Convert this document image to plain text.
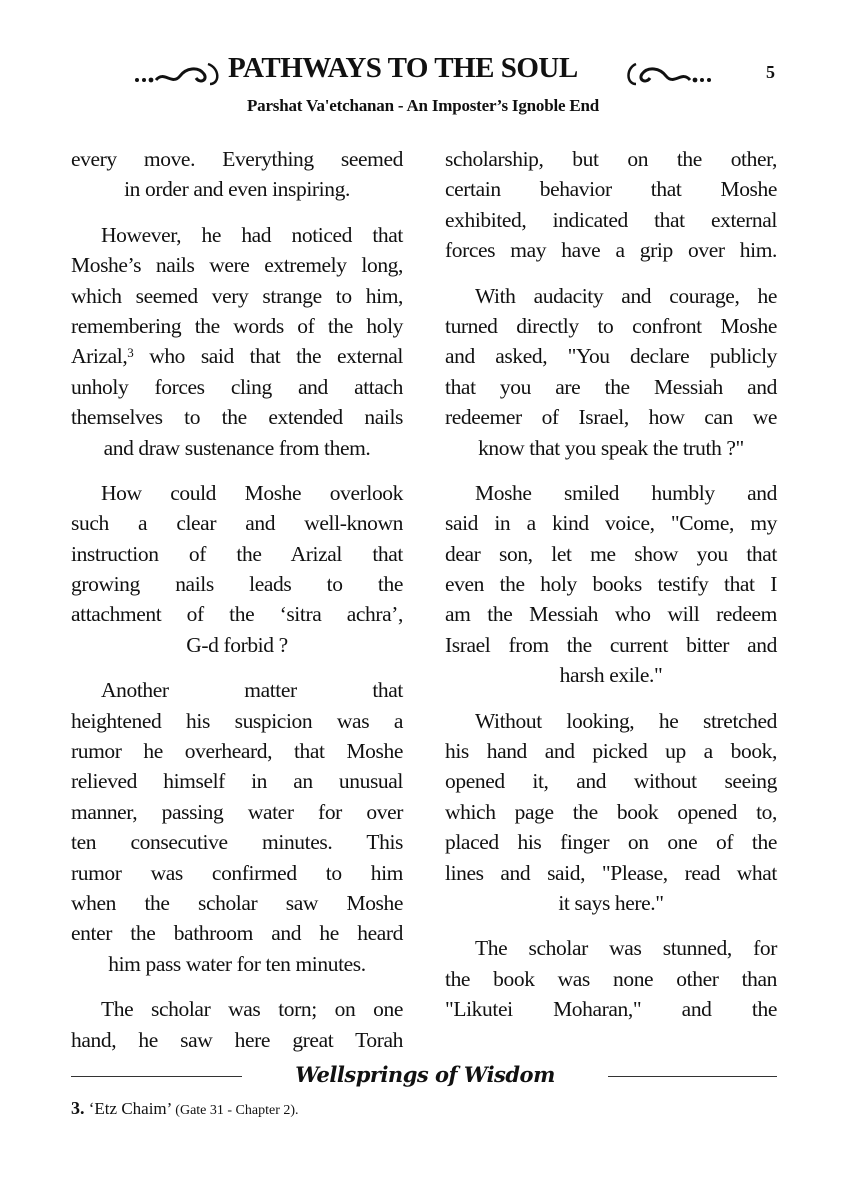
PATHWAYS TO THE SOUL	5
Parshat Va'etchanan - An Imposter’s Ignoble End
every move. Everything seemed
in order and even inspiring.
However, he had noticed that
Moshe’s nails were extremely long,
which seemed very strange to him,
remembering the words of the holy
Arizal,$^3$ who said that the external
unholy forces cling and attach
themselves to the extended nails
and draw sustenance from them.
How could Moshe overlook
such a clear and well-known
instruction of the Arizal that
growing nails leads to the
attachment of the ‘sitra achra’,
G-d forbid ?
Another matter that
heightened his suspicion was a
rumor he overheard, that Moshe
relieved himself in an unusual
manner, passing water for over
ten consecutive minutes. This
rumor was confirmed to him
when the scholar saw Moshe
enter the bathroom and he heard
him pass water for ten minutes.
The scholar was torn; on one
hand, he saw here great Torah
scholarship, but on the other,
certain behavior that Moshe
exhibited, indicated that external
forces may have a grip over him.
With audacity and courage, he
turned directly to confront Moshe
and asked, "You declare publicly
that you are the Messiah and
redeemer of Israel, how can we
know that you speak the truth ?"
Moshe smiled humbly and
said in a kind voice, "Come, my
dear son, let me show you that
even the holy books testify that I
am the Messiah who will redeem
Israel from the current bitter and
harsh exile."
Without looking, he stretched
his hand and picked up a book,
opened it, and without seeing
which page the book opened to,
placed his finger on one of the
lines and said, "Please, read what
it says here."
The scholar was stunned, for
the book was none other than
"Likutei Moharan," and the
Wellsprings of Wisdom
3. ‘Etz Chaim’ (Gate 31 - Chapter 2).
